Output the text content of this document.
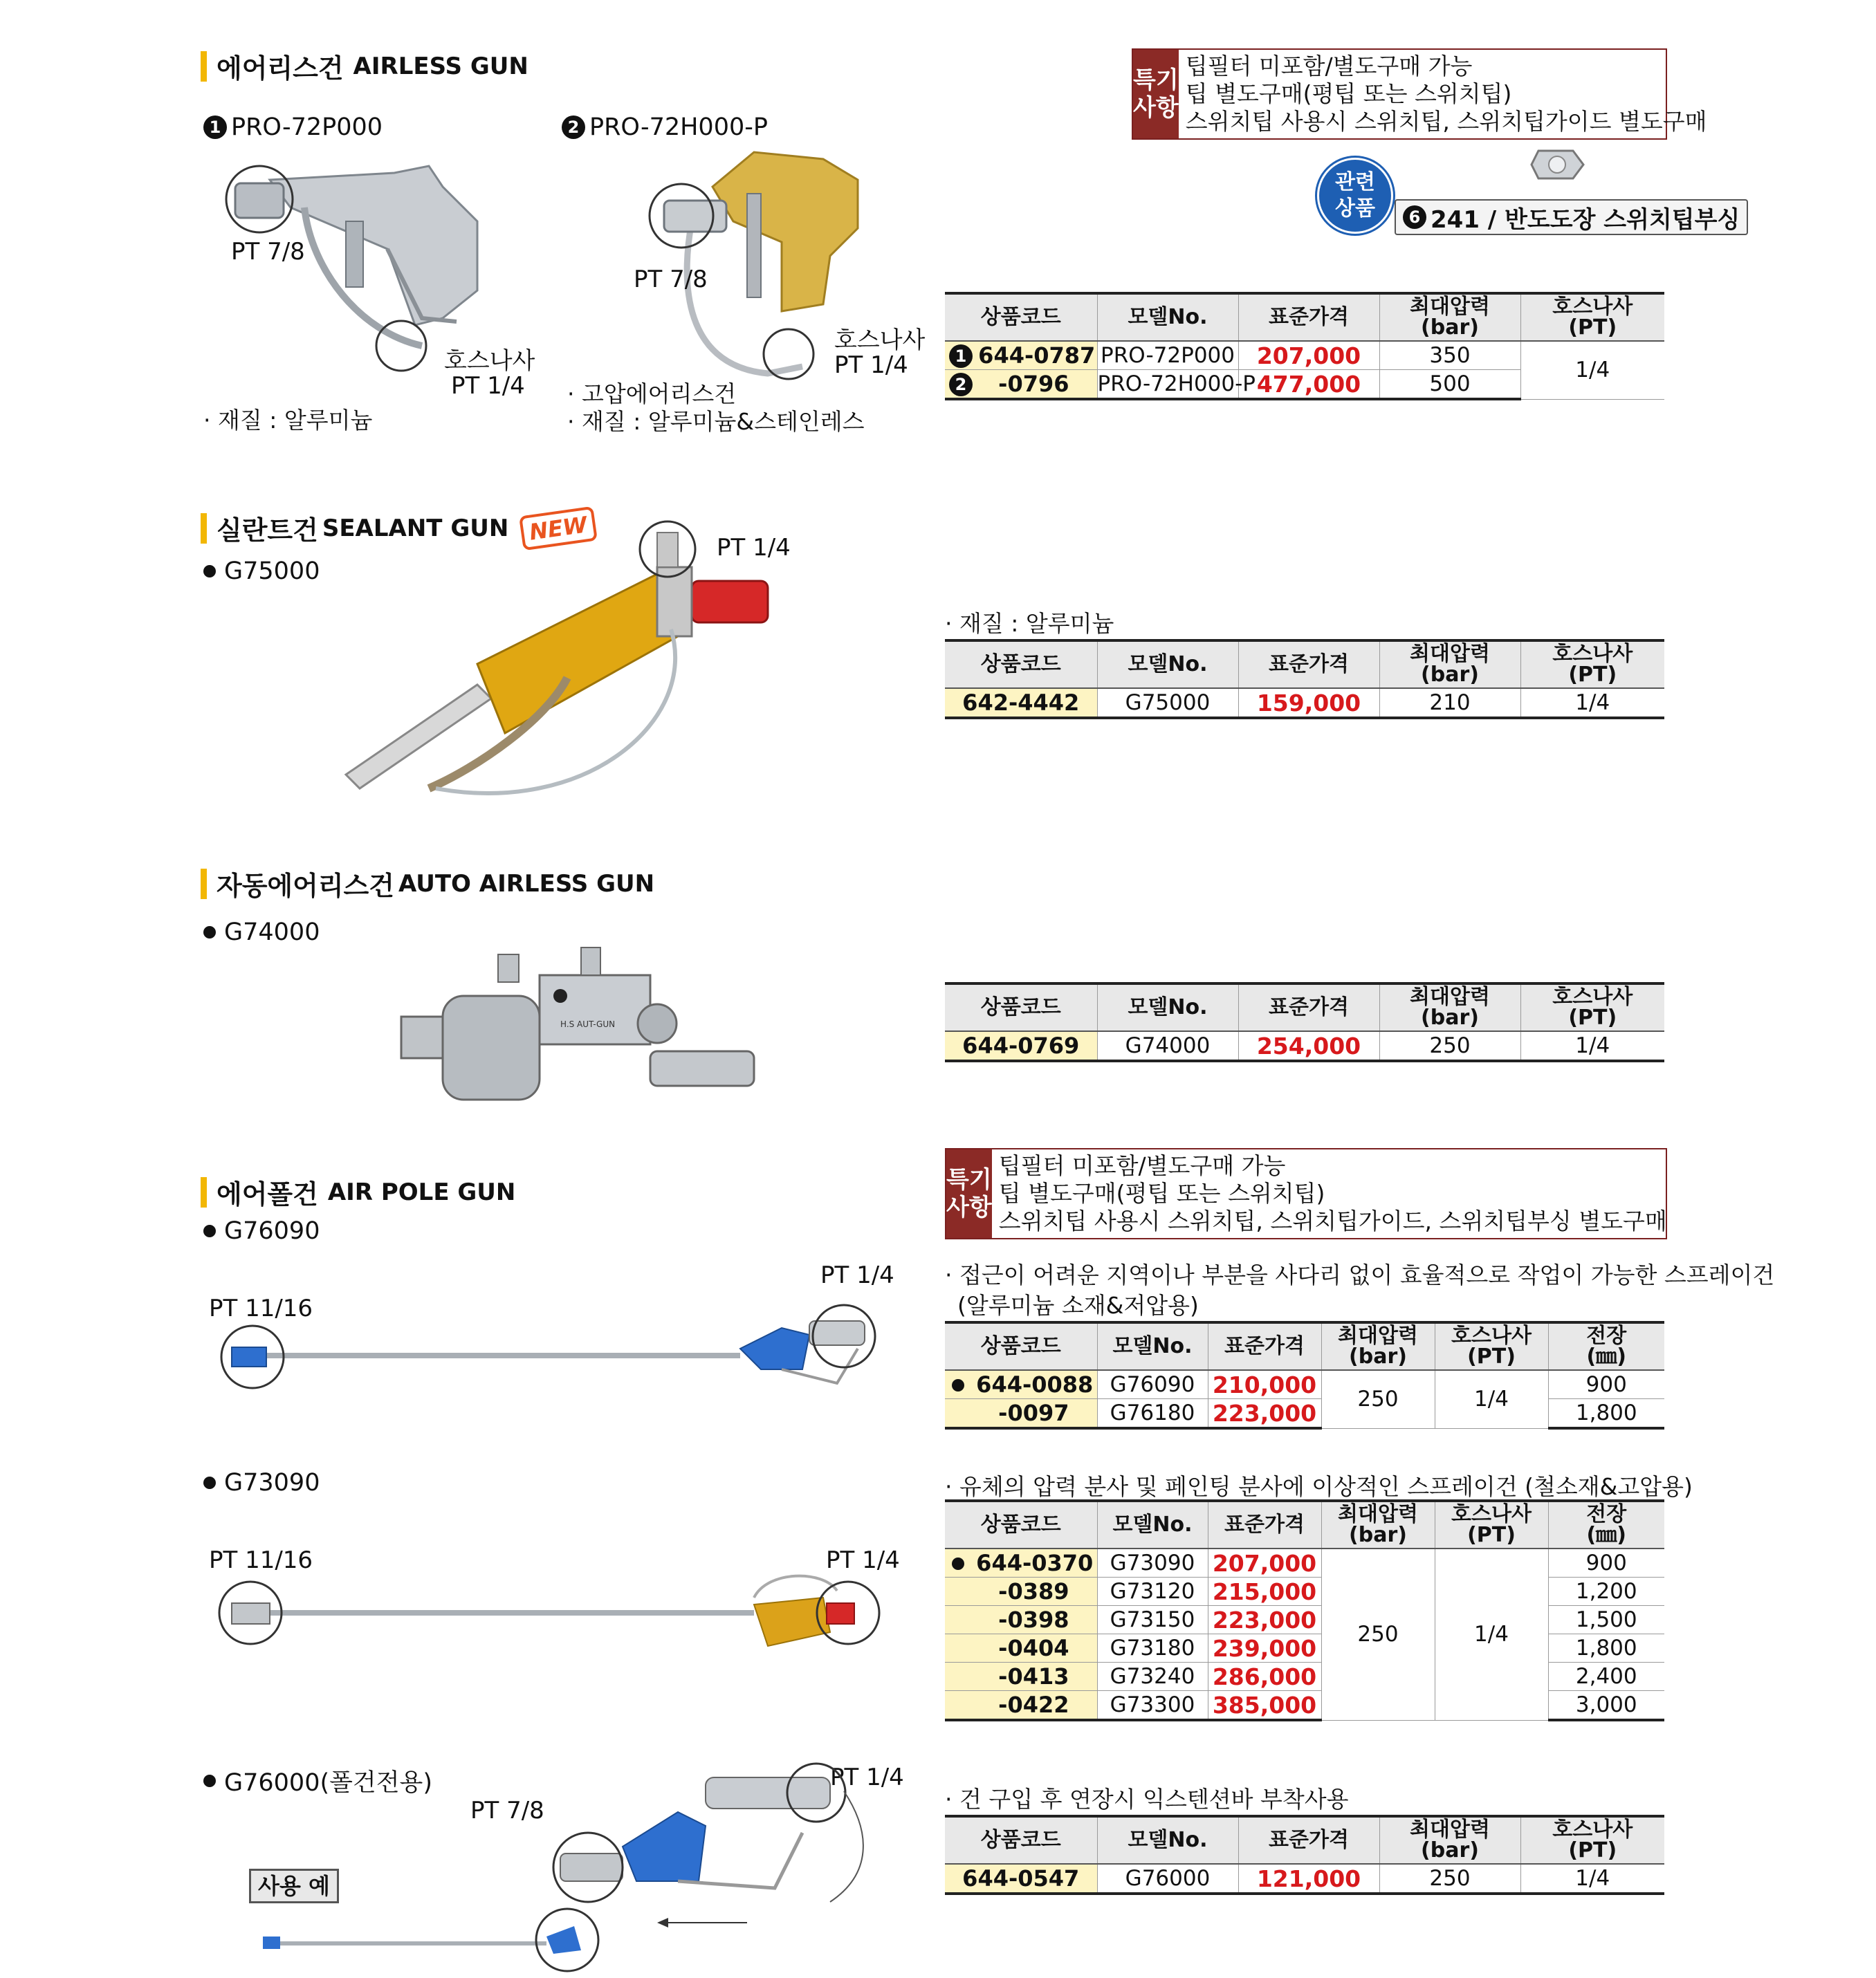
에어리스건 AIRLESS GUN
1 PRO-72P000	2 PRO-72H000-P
PT 7/8
호스나사
PT 1/4
· 재질 : 알루미늄
PT 7/8
호스나사
PT 1/4
· 고압에어리스건
· 재질 : 알루미늄&스테인레스
특기
사항
팁필터 미포함/별도구매 가능
팁 별도구매(평팁 또는 스위치팁)
스위치팁 사용시 스위치팁, 스위치팁가이드 별도구매
관련
상품	6 241 / 반도도장 스위치팁부싱
상품코드	모델No.	표준가격	최대압력
(bar)	호스나사
(PT)

1 644-0787	PRO-72P000	207,000	350	1/4

2 -0796	PRO-72H000-P	477,000	500	
실란트건 SEALANT GUN NEW
G75000
PT 1/4
· 재질 : 알루미늄
상품코드	모델No.	표준가격	최대압력
(bar)	호스나사
(PT)
642-4442	G75000	159,000	210	1/4
자동에어리스건 AUTO AIRLESS GUN
G74000
H.S AUT-GUN
상품코드	모델No.	표준가격	최대압력
(bar)	호스나사
(PT)
644-0769	G74000	254,000	250	1/4
에어폴건 AIR POLE GUN	특기
사항
팁필터 미포함/별도구매 가능
팁 별도구매(평팁 또는 스위치팁)
스위치팁 사용시 스위치팁, 스위치팁가이드, 스위치팁부싱 별도구매
G76090
PT 11/16
PT 1/4 · 접근이 어려운 지역이나 부분을 사다리 없이 효율적으로 작업이 가능한 스프레이건
(알루미늄 소재&저압용)
상품코드	모델No.	표준가격	최대압력
(bar)	호스나사
(PT)	전장
(㎜)

644-0088	G76090	210,000	250	1/4	900
-0097	G76180	223,000			1,800
G73090
PT 11/16	PT 1/4
· 유체의 압력 분사 및 페인팅 분사에 이상적인 스프레이건 (철소재&고압용)
상품코드	모델No.	표준가격	최대압력
(bar)	호스나사
(PT)	전장
(㎜)

644-0370	G73090	207,000	250	1/4	900
-0389	G73120	215,000			1,200
-0398	G73150	223,000			1,500
-0404	G73180	239,000			1,800
-0413	G73240	286,000			2,400
-0422	G73300	385,000			3,000
G76000(폴건전용)
PT 7/8
PT 1/4
사용 예
· 건 구입 후 연장시 익스텐션바 부착사용
상품코드	모델No.	표준가격	최대압력
(bar)	호스나사
(PT)
644-0547	G76000	121,000	250	1/4
